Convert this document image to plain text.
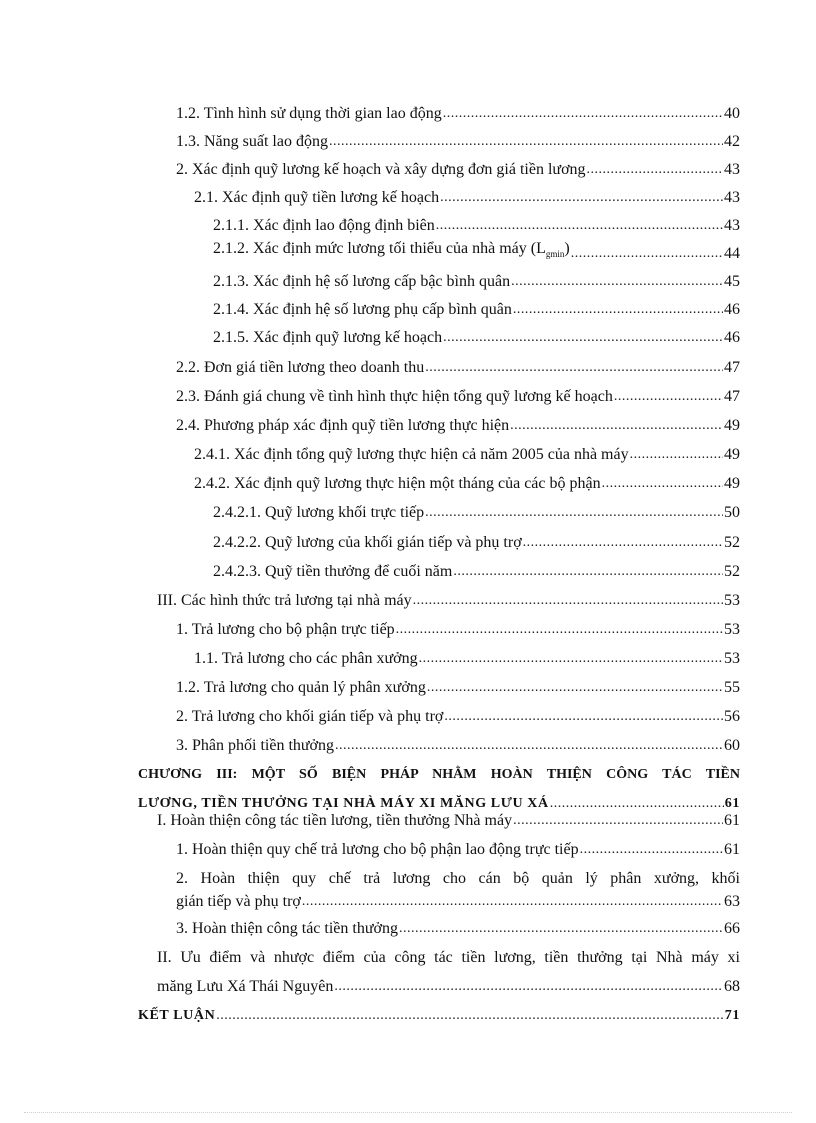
1.2. Tình hình sử dụng thời gian lao động .....	40
1.3. Năng suất lao động .....	42
2. Xác định quỹ lương kế hoạch và xây dựng đơn giá tiền lương .....	43
2.1. Xác định quỹ tiền lương kế hoạch .....	43
2.1.1. Xác định lao động định biên .....	43
2.1.2. Xác định mức lương tối thiểu của nhà máy $(L_{gmin})$ .....	44
2.1.3. Xác định hệ số lương cấp bậc bình quân .....	45
2.1.4. Xác định hệ số lương phụ cấp bình quân .....	46
2.1.5. Xác định quỹ lương kế hoạch .....	46
2.2. Đơn giá tiền lương theo doanh thu .....	47
2.3. Đánh giá chung về tình hình thực hiện tổng quỹ lương kế hoạch .....	47
2.4. Phương pháp xác định quỹ tiền lương thực hiện .....	49
2.4.1. Xác định tổng quỹ lương thực hiện cả năm 2005 của nhà máy .....	49
2.4.2. Xác định quỹ lương thực hiện một tháng của các bộ phận .....	49
2.4.2.1. Quỹ lương khối trực tiếp .....	50
2.4.2.2. Quỹ lương của khối gián tiếp và phụ trợ .....	52
2.4.2.3. Quỹ tiền thưởng để cuối năm .....	52
III. Các hình thức trả lương tại nhà máy .....	53
1. Trả lương cho bộ phận trực tiếp .....	53
1.1. Trả lương cho các phân xưởng .....	53
1.2. Trả lương cho quản lý phân xưởng .....	55
2. Trả lương cho khối gián tiếp và phụ trợ .....	56
3. Phân phối tiền thưởng .....	60
CHƯƠNG III: MỘT SỐ BIỆN PHÁP NHẰM HOÀN THIỆN CÔNG TÁC TIỀN
LƯƠNG, TIỀN THƯỞNG TẠI NHÀ MÁY XI MĂNG LƯU XÁ .....	61
I. Hoàn thiện công tác tiền lương, tiền thưởng Nhà máy .....	61
1. Hoàn thiện quy chế trả lương cho bộ phận lao động trực tiếp .....	61
2. Hoàn thiện quy chế trả lương cho cán bộ quản lý phân xưởng, khối
gián tiếp và phụ trợ .....	63
3. Hoàn thiện công tác tiền thưởng .....	66
II. Ưu điểm và nhược điểm của công tác tiền lương, tiền thưởng tại Nhà máy xi
măng Lưu Xá Thái Nguyên .....	68
KẾT LUẬN .....	71
